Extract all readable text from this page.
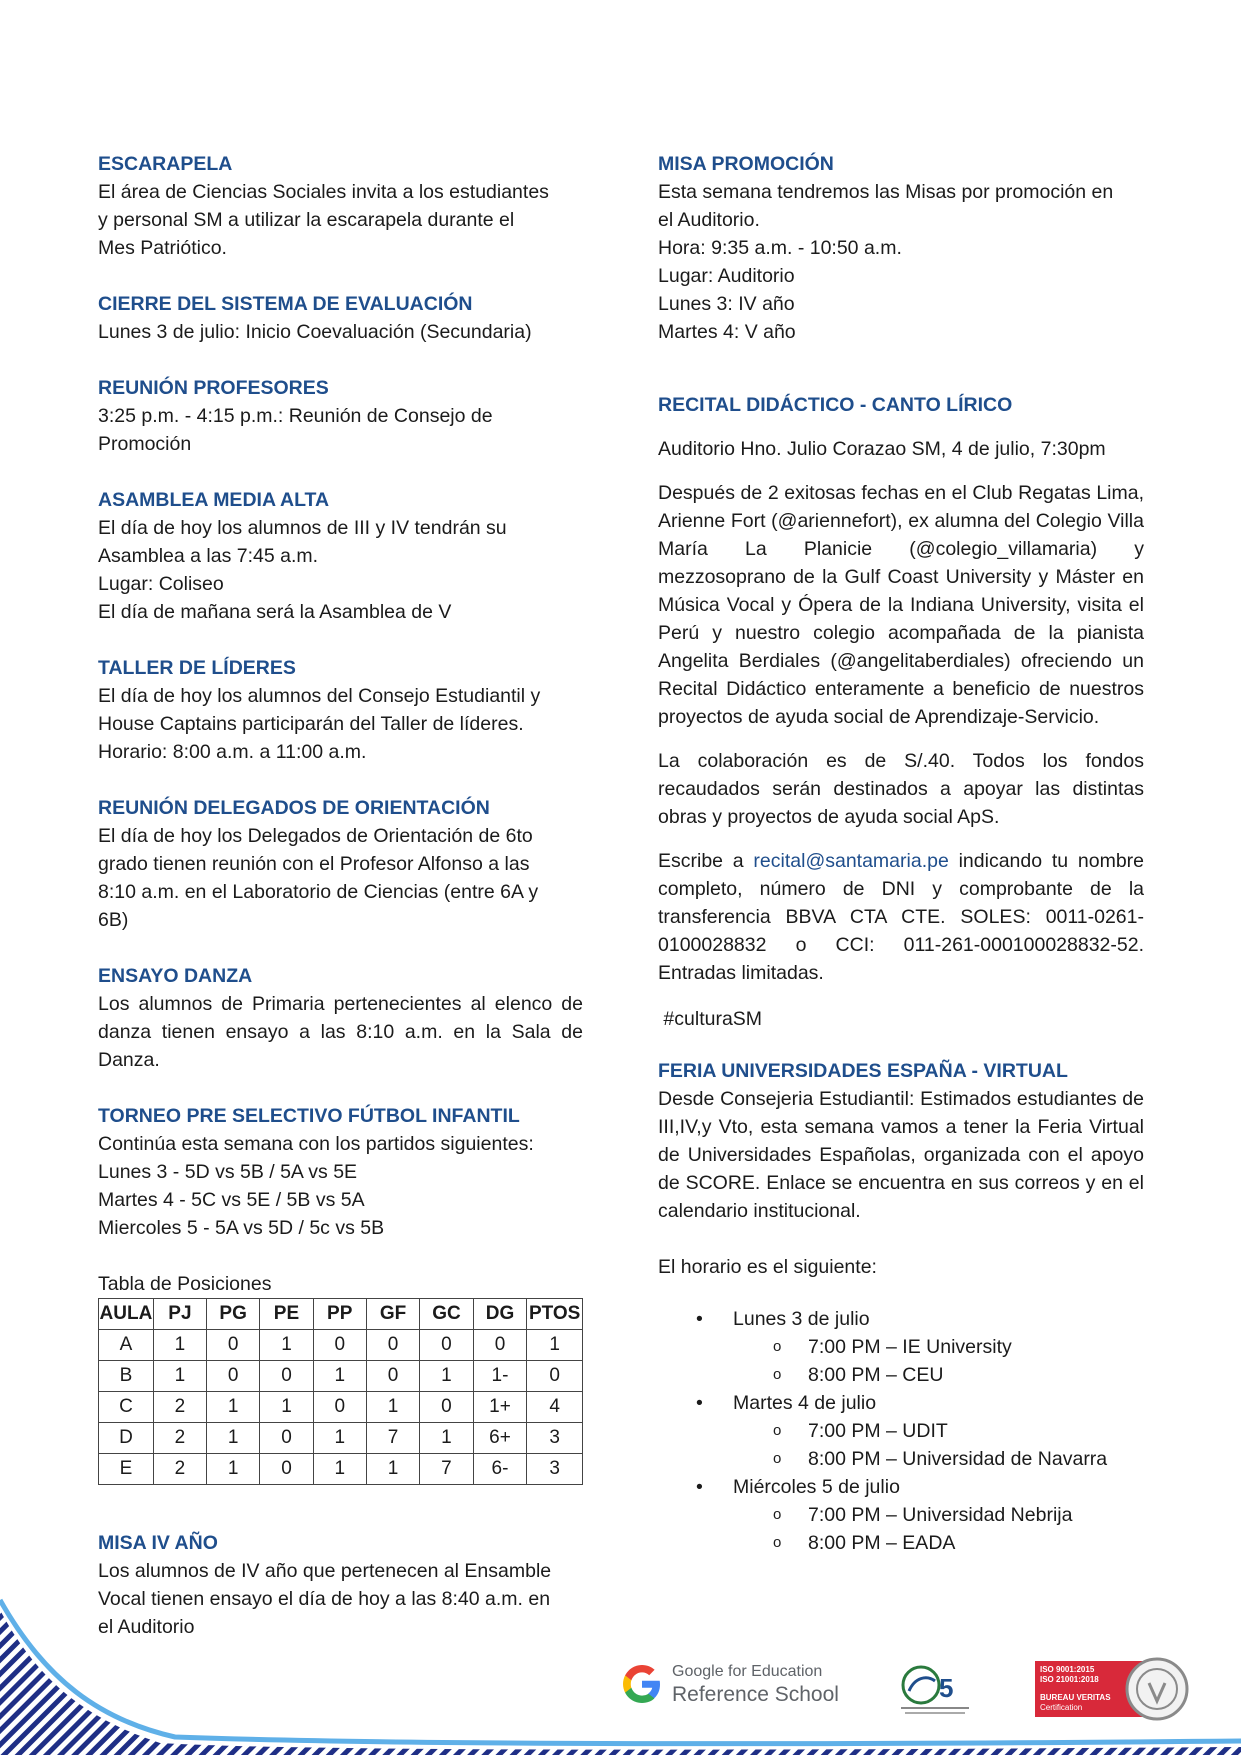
ESCARAPELA

El área de Ciencias Sociales invita a los estudiantes

y personal SM a utilizar la escarapela durante el

Mes Patriótico.

CIERRE DEL SISTEMA DE EVALUACIÓN

Lunes 3 de julio: Inicio Coevaluación (Secundaria)

REUNIÓN PROFESORES

3:25 p.m. - 4:15 p.m.: Reunión de Consejo de

Promoción

ASAMBLEA MEDIA ALTA

El día de hoy los alumnos de III y IV tendrán su

Asamblea a las 7:45 a.m.

Lugar: Coliseo

El día de mañana será la Asamblea de V

TALLER DE LÍDERES

El día de hoy los alumnos del Consejo Estudiantil y

House Captains participarán del Taller de líderes.

Horario: 8:00 a.m. a 11:00 a.m.

REUNIÓN DELEGADOS DE ORIENTACIÓN

El día de hoy los Delegados de Orientación de 6to

grado tienen reunión con el Profesor Alfonso a las

8:10 a.m. en el Laboratorio de Ciencias (entre 6A y

6B)

ENSAYO DANZA

Los alumnos de Primaria pertenecientes al elenco de danza tienen ensayo a las 8:10 a.m. en la Sala de Danza.

TORNEO PRE SELECTIVO FÚTBOL INFANTIL

Continúa esta semana con los partidos siguientes:

Lunes 3 - 5D vs 5B / 5A vs 5E

Martes 4 - 5C vs 5E / 5B vs 5A

Miercoles 5 - 5A vs 5D / 5c vs 5B

Tabla de Posiciones

AULA	PJ	PG	PE	PP	GF	GC	DG	PTOS
A	1	0	1	0	0	0	0	1
B	1	0	0	1	0	1	1-	0
C	2	1	1	0	1	0	1+	4
D	2	1	0	1	7	1	6+	3
E	2	1	0	1	1	7	6-	3

MISA IV AÑO

Los alumnos de IV año que pertenecen al Ensamble

Vocal tienen ensayo el día de hoy a las 8:40 a.m. en

el Auditorio

MISA PROMOCIÓN

Esta semana tendremos las Misas por promoción en

el Auditorio.

Hora: 9:35 a.m. - 10:50 a.m.

Lugar: Auditorio

Lunes 3: IV año

Martes 4: V año

RECITAL DIDÁCTICO - CANTO LÍRICO

Auditorio Hno. Julio Corazao SM, 4 de julio, 7:30pm

Después de 2 exitosas fechas en el Club Regatas Lima, Arienne Fort (@ariennefort), ex alumna del Colegio Villa María La Planicie (@colegio_villamaria) y mezzosoprano de la Gulf Coast University y Máster en Música Vocal y Ópera de la Indiana University, visita el Perú y nuestro colegio acompañada de la pianista Angelita Berdiales (@angelitaberdiales) ofreciendo un Recital Didáctico enteramente a beneficio de nuestros proyectos de ayuda social de Aprendizaje-Servicio.

La colaboración es de S/.40. Todos los fondos recaudados serán destinados a apoyar las distintas obras y proyectos de ayuda social ApS.

Escribe a recital@santamaria.pe indicando tu nombre completo, número de DNI y comprobante de la transferencia BBVA CTA CTE. SOLES: 0011-0261-0100028832 o CCI: 011-261-000100028832-52. Entradas limitadas.

#culturaSM

FERIA UNIVERSIDADES ESPAÑA - VIRTUAL

Desde Consejeria Estudiantil: Estimados estudiantes de III,IV,y Vto, esta semana vamos a tener la Feria Virtual de Universidades Españolas, organizada con el apoyo de SCORE. Enlace se encuentra en sus correos y en el calendario institucional.

El horario es el siguiente:

• Lunes 3 de julio
o 7:00 PM – IE University
o 8:00 PM – CEU
• Martes 4 de julio
o 7:00 PM – UDIT
o 8:00 PM – Universidad de Navarra
• Miércoles 5 de julio
o 7:00 PM – Universidad Nebrija
o 8:00 PM – EADA
Google for Education
Reference School	5
ISO 9001:2015
ISO 21001:2018
BUREAU VERITAS
Certification
